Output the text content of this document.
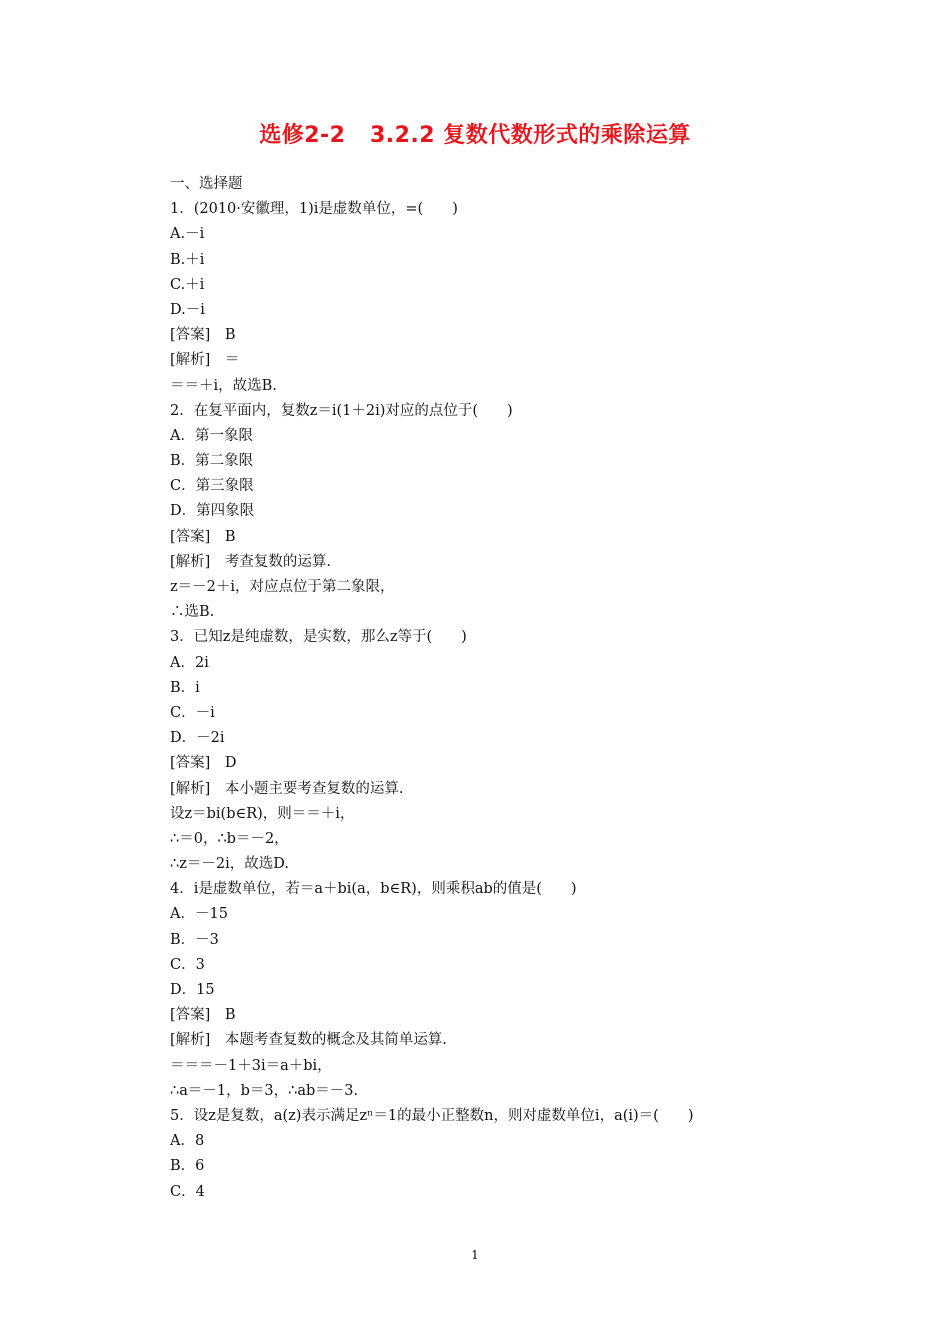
选修2-2   3.2.2 复数代数形式的乘除运算
一、选择题
1．(2010·安徽理，1)i是虚数单位，=(　　)
A.－i
B.＋i
C.＋i
D.－i
[答案]　B
[解析]　＝
＝＝＋i，故选B.
2．在复平面内，复数z＝i(1＋2i)对应的点位于(　　)
A．第一象限
B．第二象限
C．第三象限
D．第四象限
[答案]　B
[解析]　考查复数的运算.
z＝－2＋i，对应点位于第二象限，
∴选B.
3．已知z是纯虚数，是实数，那么z等于(　　)
A．2i
B．i
C．－i
D．－2i
[答案]　D
[解析]　本小题主要考查复数的运算.
设z＝bi(b∈R)，则＝＝＋i，
∴＝0，∴b＝－2，
∴z＝－2i，故选D.
4．i是虚数单位，若＝a＋bi(a，b∈R)，则乘积ab的值是(　　)
A．－15
B．－3
C．3
D．15
[答案]　B
[解析]　本题考查复数的概念及其简单运算.
＝＝＝－1＋3i＝a＋bi，
∴a＝－1，b＝3，∴ab＝－3.
5．设z是复数，a(z)表示满足zⁿ＝1的最小正整数n，则对虚数单位i，a(i)＝(　　)
A．8
B．6
C．4
1
